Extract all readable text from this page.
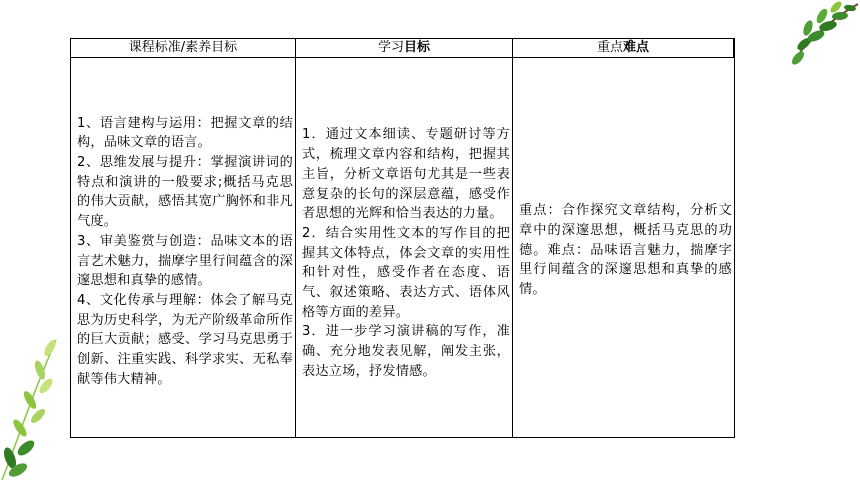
课程标准/素养目标	学习目标	重点难点
1、语言建构与运用：把握文章的结构，品味文章的语言。
2、思维发展与提升：掌握演讲词的特点和演讲的一般要求;概括马克思的伟大贡献，感悟其宽广胸怀和非凡气度。
3、审美鉴赏与创造：品味文本的语言艺术魅力，揣摩字里行间蕴含的深邃思想和真挚的感情。
4、文化传承与理解：体会了解马克思为历史科学，为无产阶级革命所作的巨大贡献；感受、学习马克思勇于创新、注重实践、科学求实、无私奉献等伟大精神。
1．通过文本细读、专题研讨等方式，梳理文章内容和结构，把握其主旨，分析文章语句尤其是一些表意复杂的长句的深层意蕴，感受作者思想的光辉和恰当表达的力量。
2．结合实用性文本的写作目的把握其文体特点，体会文章的实用性和针对性，感受作者在态度、语气、叙述策略、表达方式、语体风格等方面的差异。
3．进一步学习演讲稿的写作，准确、充分地发表见解，阐发主张，表达立场，抒发情感。
重点：合作探究文章结构，分析文章中的深邃思想，概括马克思的功德。难点：品味语言魅力，揣摩字里行间蕴含的深邃思想和真挚的感情。
